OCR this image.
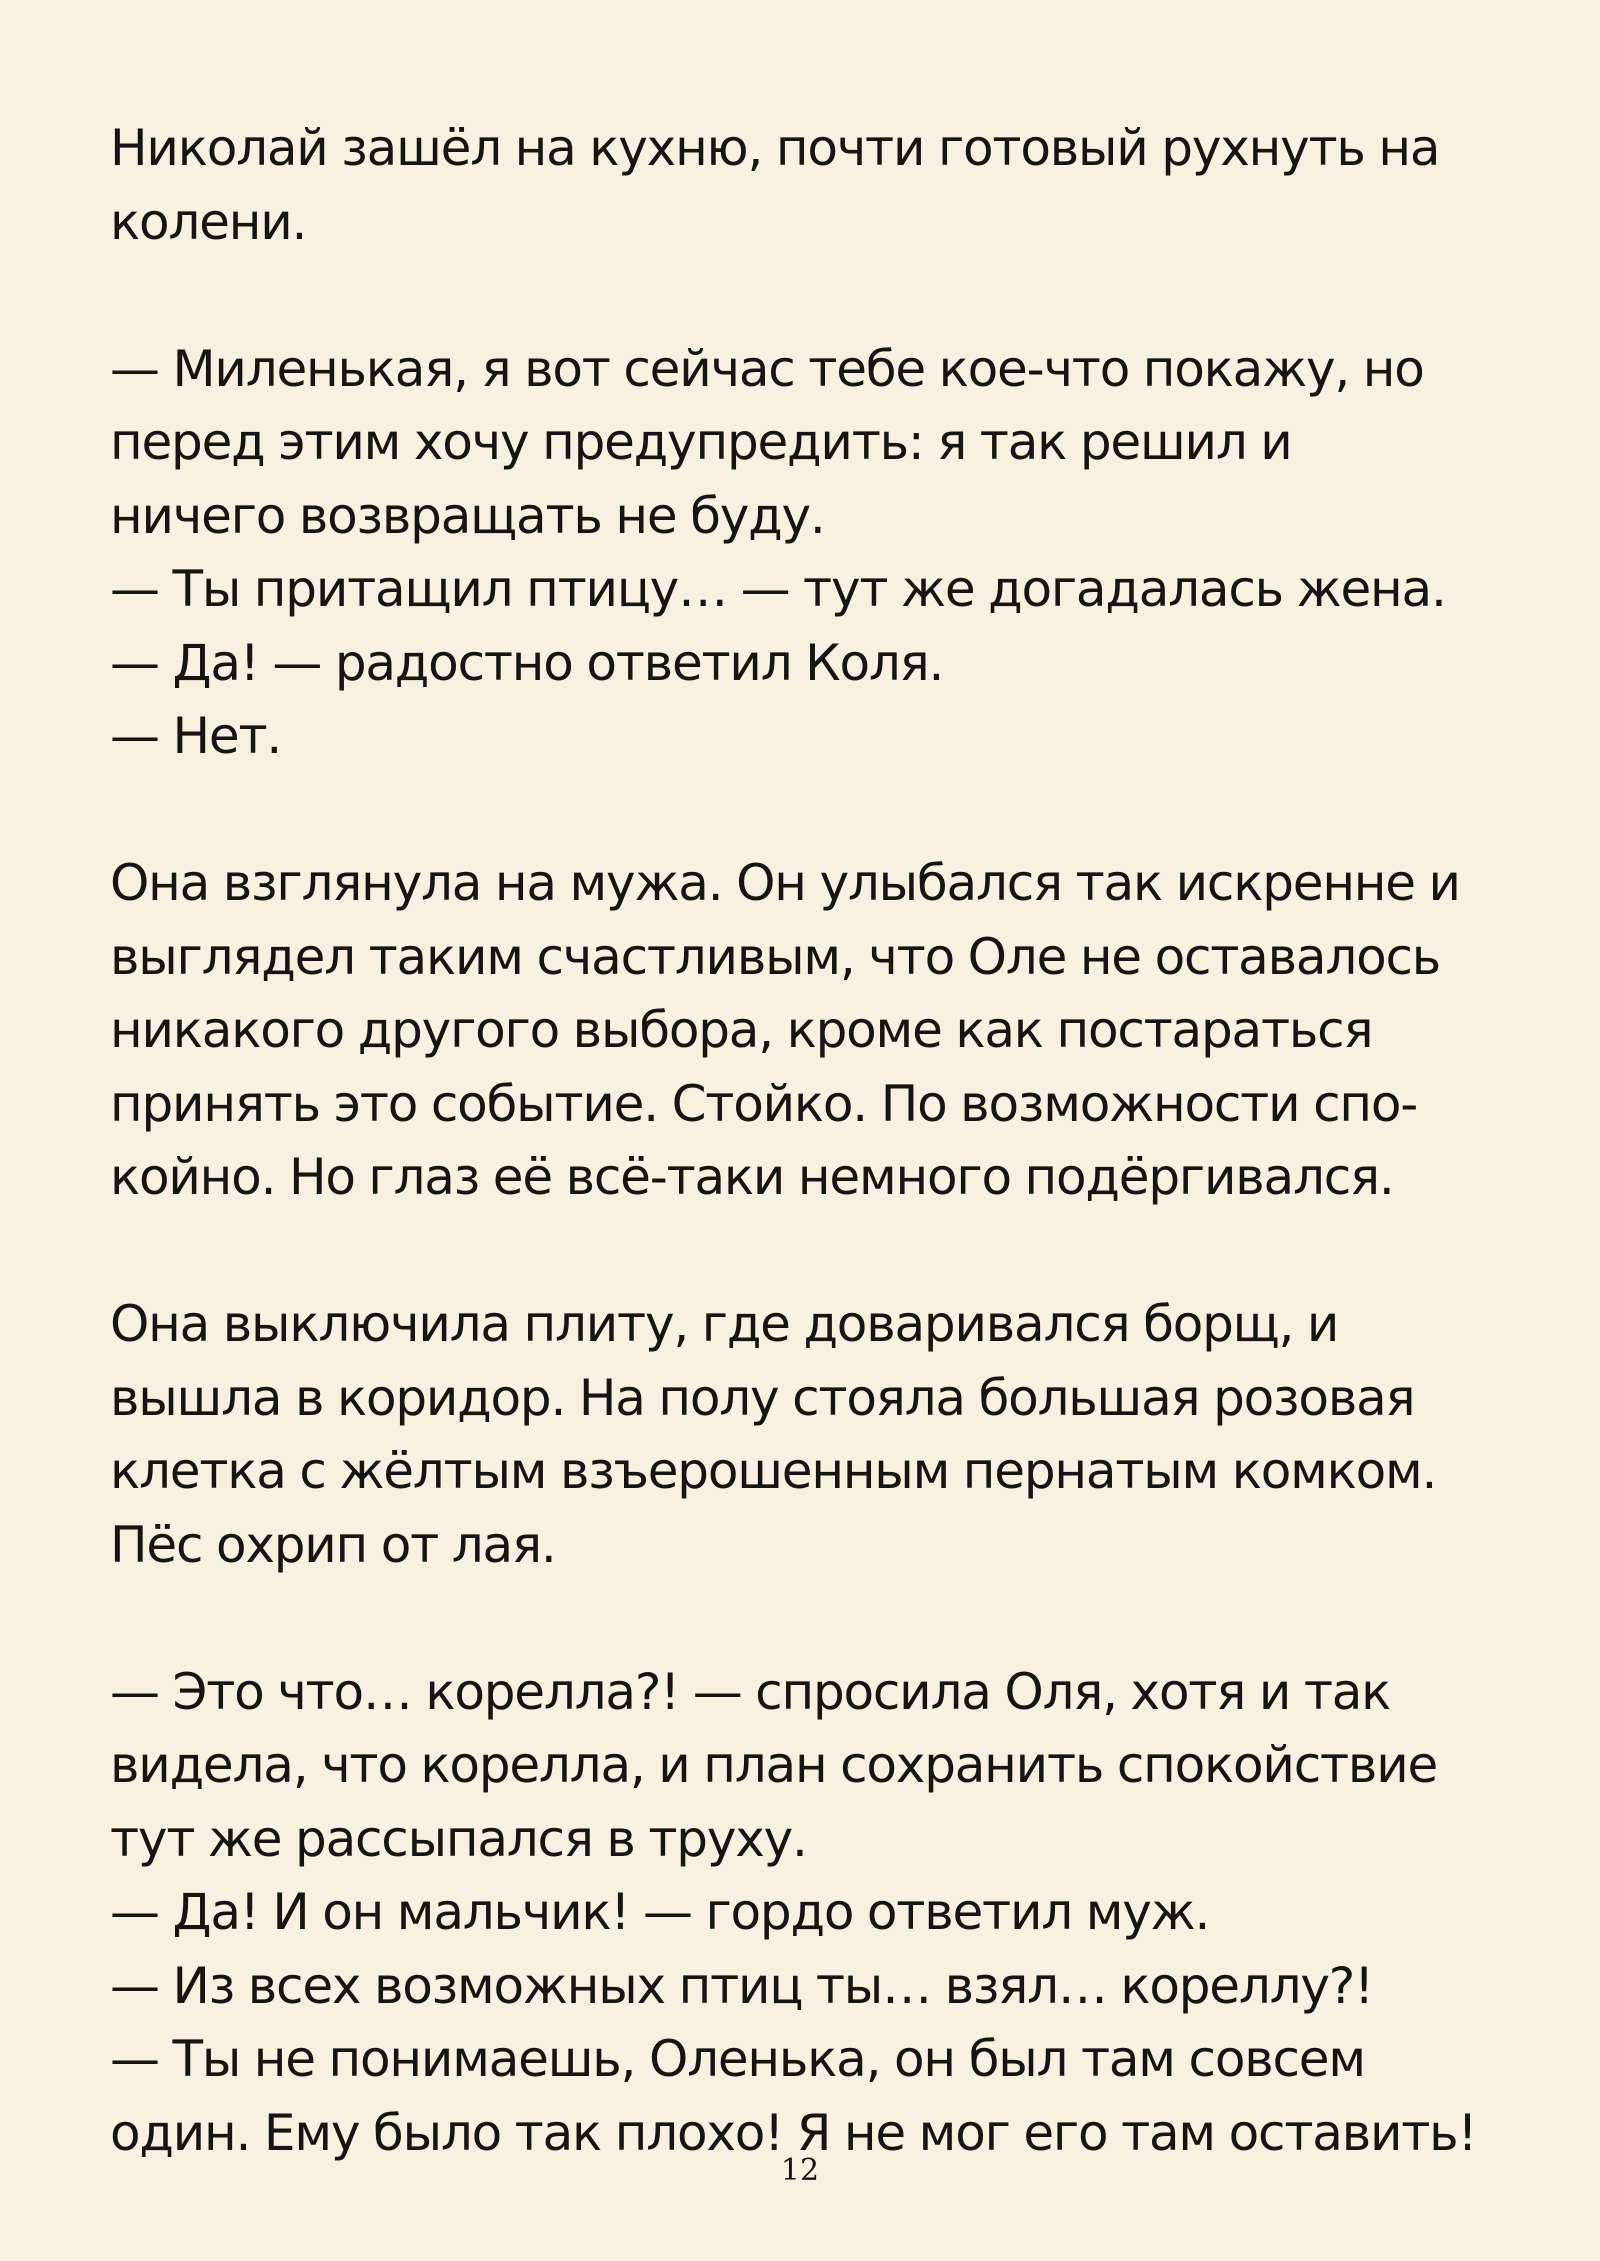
Николай зашёл на кухню, почти готовый рухнуть на
колени.
— Миленькая, я вот сейчас тебе кое-что покажу, но
перед этим хочу предупредить: я так решил и
ничего возвращать не буду.
— Ты притащил птицу… — тут же догадалась жена.
— Да! — радостно ответил Коля.
— Нет.
Она взглянула на мужа. Он улыбался так искренне и
выглядел таким счастливым, что Оле не оставалось
никакого другого выбора, кроме как постараться
принять это событие. Стойко. По возможности спо-
койно. Но глаз её всё-таки немного подёргивался.
Она выключила плиту, где доваривался борщ, и
вышла в коридор. На полу стояла большая розовая
клетка с жёлтым взъерошенным пернатым комком.
Пёс охрип от лая.
— Это что… корелла?! — спросила Оля, хотя и так
видела, что корелла, и план сохранить спокойствие
тут же рассыпался в труху.
— Да! И он мальчик! — гордо ответил муж.
— Из всех возможных птиц ты… взял… кореллу?!
— Ты не понимаешь, Оленька, он был там совсем
один. Ему было так плохо! Я не мог его там оставить!
12
